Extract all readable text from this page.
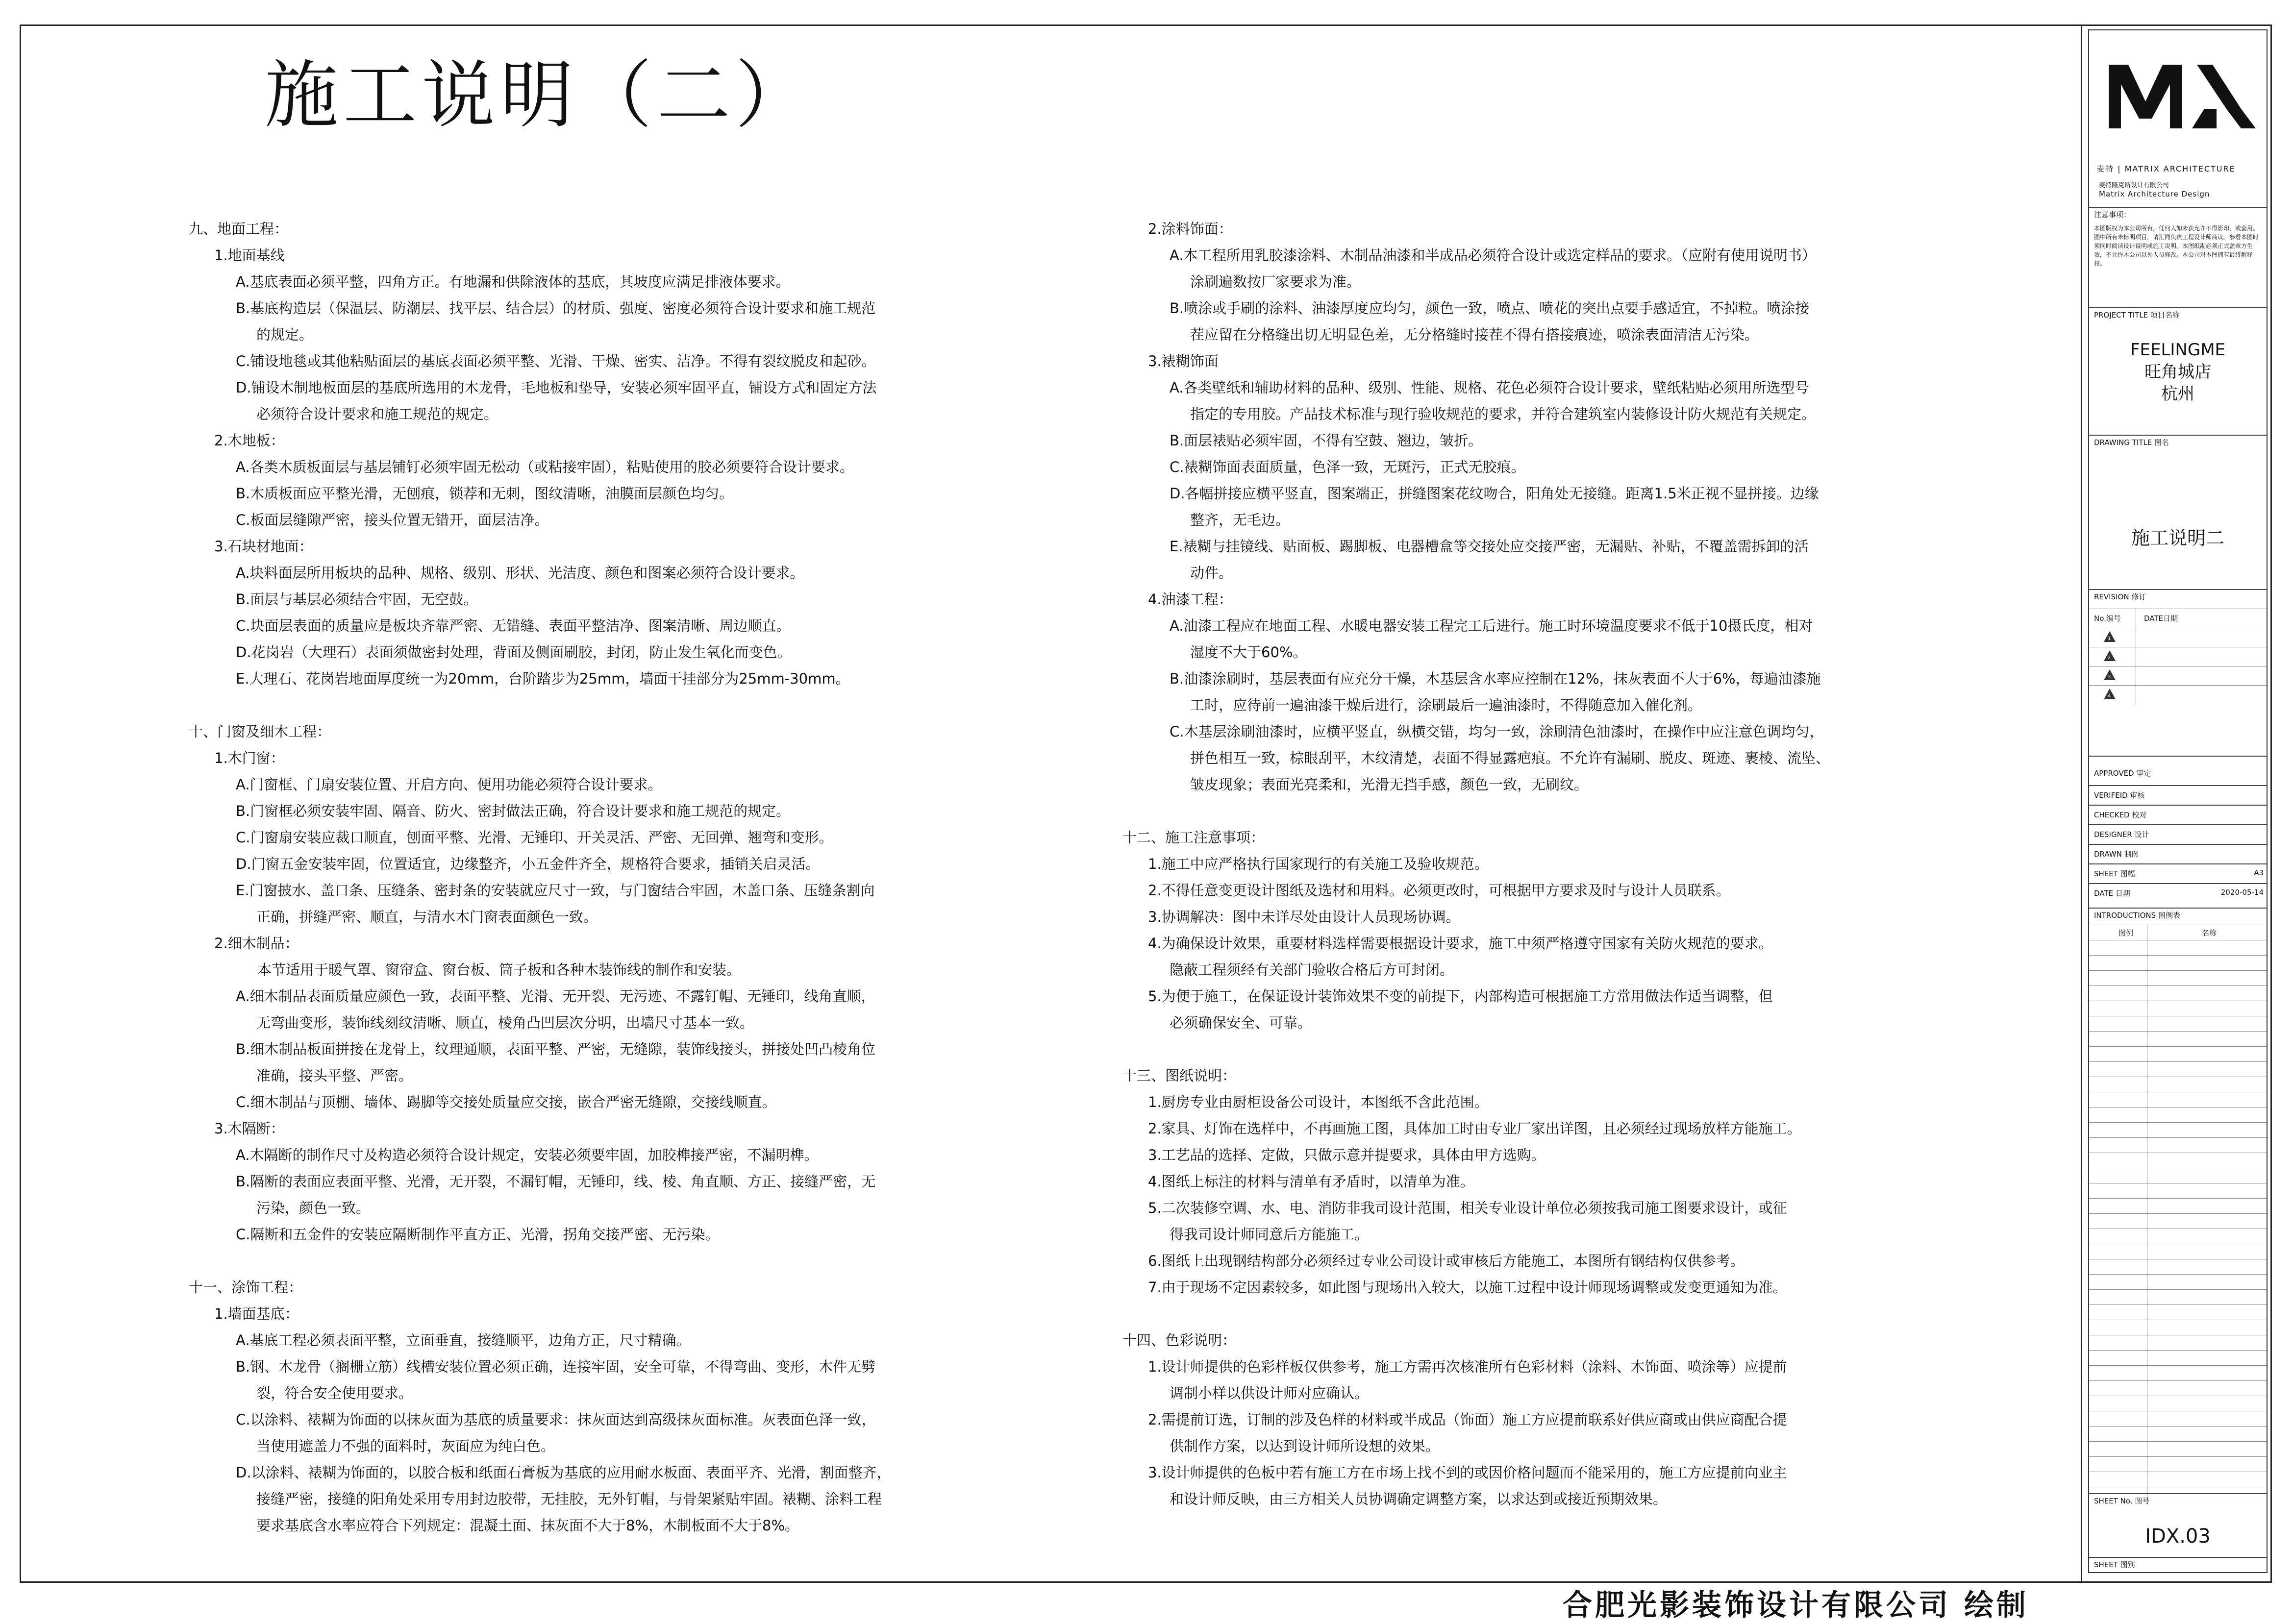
施工说明（二）

九、地面工程：

1.地面基线

A.基底表面必须平整，四角方正。有地漏和供除液体的基底，其坡度应满足排液体要求。

B.基底构造层（保温层、防潮层、找平层、结合层）的材质、强度、密度必须符合设计要求和施工规范

的规定。

C.铺设地毯或其他粘贴面层的基底表面必须平整、光滑、干燥、密实、洁净。不得有裂纹脱皮和起砂。

D.铺设木制地板面层的基底所选用的木龙骨，毛地板和垫导，安装必须牢固平直，铺设方式和固定方法

必须符合设计要求和施工规范的规定。

2.木地板：

A.各类木质板面层与基层铺钉必须牢固无松动（或粘接牢固），粘贴使用的胶必须要符合设计要求。

B.木质板面应平整光滑，无刨痕，锁荐和无刺，图纹清晰，油膜面层颜色均匀。

C.板面层缝隙严密，接头位置无错开，面层洁净。

3.石块材地面：

A.块料面层所用板块的品种、规格、级别、形状、光洁度、颜色和图案必须符合设计要求。

B.面层与基层必须结合牢固，无空鼓。

C.块面层表面的质量应是板块齐靠严密、无错缝、表面平整洁净、图案清晰、周边顺直。

D.花岗岩（大理石）表面须做密封处理，背面及侧面刷胶，封闭，防止发生氧化而变色。

E.大理石、花岗岩地面厚度统一为20mm，台阶踏步为25mm，墙面干挂部分为25mm-30mm。

十、门窗及细木工程：

1.木门窗：

A.门窗框、门扇安装位置、开启方向、便用功能必须符合设计要求。

B.门窗框必须安装牢固、隔音、防火、密封做法正确，符合设计要求和施工规范的规定。

C.门窗扇安装应裁口顺直，刨面平整、光滑、无锤印、开关灵活、严密、无回弹、翘弯和变形。

D.门窗五金安装牢固，位置适宜，边缘整齐，小五金件齐全，规格符合要求，插销关启灵活。

E.门窗披水、盖口条、压缝条、密封条的安装就应尺寸一致，与门窗结合牢固，木盖口条、压缝条割向

正确，拼缝严密、顺直，与清水木门窗表面颜色一致。

2.细木制品：

本节适用于暖气罩、窗帘盒、窗台板、筒子板和各种木装饰线的制作和安装。

A.细木制品表面质量应颜色一致，表面平整、光滑、无开裂、无污迹、不露钉帽、无锤印，线角直顺，

无弯曲变形，装饰线刻纹清晰、顺直，棱角凸凹层次分明，出墙尺寸基本一致。

B.细木制品板面拼接在龙骨上，纹理通顺，表面平整、严密，无缝隙，装饰线接头，拼接处凹凸棱角位

准确，接头平整、严密。

C.细木制品与顶棚、墙体、踢脚等交接处质量应交接，嵌合严密无缝隙，交接线顺直。

3.木隔断：

A.木隔断的制作尺寸及构造必须符合设计规定，安装必须要牢固，加胶榫接严密，不漏明榫。

B.隔断的表面应表面平整、光滑，无开裂，不漏钉帽，无锤印，线、棱、角直顺、方正、接缝严密，无

污染，颜色一致。

C.隔断和五金件的安装应隔断制作平直方正、光滑，拐角交接严密、无污染。

十一、涂饰工程：

1.墙面基底：

A.基底工程必须表面平整，立面垂直，接缝顺平，边角方正，尺寸精确。

B.钢、木龙骨（搁栅立筋）线槽安装位置必须正确，连接牢固，安全可靠，不得弯曲、变形，木件无劈

裂，符合安全使用要求。

C.以涂料、裱糊为饰面的以抹灰面为基底的质量要求：抹灰面达到高级抹灰面标准。灰表面色泽一致，

当使用遮盖力不强的面料时，灰面应为纯白色。

D.以涂料、裱糊为饰面的，以胶合板和纸面石膏板为基底的应用耐水板面、表面平齐、光滑，割面整齐，

接缝严密，接缝的阳角处采用专用封边胶带，无挂胶，无外钉帽，与骨架紧贴牢固。裱糊、涂料工程

要求基底含水率应符合下列规定：混凝土面、抹灰面不大于8%，木制板面不大于8%。

2.涂料饰面：

A.本工程所用乳胶漆涂料、木制品油漆和半成品必须符合设计或选定样品的要求。（应附有使用说明书）

涂刷遍数按厂家要求为准。

B.喷涂或手刷的涂料、油漆厚度应均匀，颜色一致，喷点、喷花的突出点要手感适宜，不掉粒。喷涂接

茬应留在分格缝出切无明显色差，无分格缝时接茬不得有搭接痕迹，喷涂表面清洁无污染。

3.裱糊饰面

A.各类壁纸和辅助材料的品种、级别、性能、规格、花色必须符合设计要求，壁纸粘贴必须用所选型号

指定的专用胶。产品技术标准与现行验收规范的要求，并符合建筑室内装修设计防火规范有关规定。

B.面层裱贴必须牢固，不得有空鼓、翘边，皱折。

C.裱糊饰面表面质量，色泽一致，无斑污，正式无胶痕。

D.各幅拼接应横平竖直，图案端正，拼缝图案花纹吻合，阳角处无接缝。距离1.5米正视不显拼接。边缘

整齐，无毛边。

E.裱糊与挂镜线、贴面板、踢脚板、电器槽盒等交接处应交接严密，无漏贴、补贴，不覆盖需拆卸的活

动件。

4.油漆工程：

A.油漆工程应在地面工程、水暖电器安装工程完工后进行。施工时环境温度要求不低于10摄氏度，相对

湿度不大于60%。

B.油漆涂刷时，基层表面有应充分干燥，木基层含水率应控制在12%，抹灰表面不大于6%，每遍油漆施

工时，应待前一遍油漆干燥后进行，涂刷最后一遍油漆时，不得随意加入催化剂。

C.木基层涂刷油漆时，应横平竖直，纵横交错，均匀一致，涂刷清色油漆时，在操作中应注意色调均匀，

拼色相互一致，棕眼刮平，木纹清楚，表面不得显露疤痕。不允许有漏刷、脱皮、斑迹、裹棱、流坠、

皱皮现象；表面光亮柔和，光滑无挡手感，颜色一致，无刷纹。

十二、施工注意事项：

1.施工中应严格执行国家现行的有关施工及验收规范。

2.不得任意变更设计图纸及选材和用料。必须更改时，可根据甲方要求及时与设计人员联系。

3.协调解决：图中未详尽处由设计人员现场协调。

4.为确保设计效果，重要材料选样需要根据设计要求，施工中须严格遵守国家有关防火规范的要求。

隐蔽工程须经有关部门验收合格后方可封闭。

5.为便于施工，在保证设计装饰效果不变的前提下，内部构造可根据施工方常用做法作适当调整，但

必须确保安全、可靠。

十三、图纸说明：

1.厨房专业由厨柜设备公司设计，本图纸不含此范围。

2.家具、灯饰在选样中，不再画施工图，具体加工时由专业厂家出详图，且必须经过现场放样方能施工。

3.工艺品的选择、定做，只做示意并提要求，具体由甲方选购。

4.图纸上标注的材料与清单有矛盾时，以清单为准。

5.二次装修空调、水、电、消防非我司设计范围，相关专业设计单位必须按我司施工图要求设计，或征

得我司设计师同意后方能施工。

6.图纸上出现钢结构部分必须经过专业公司设计或审核后方能施工，本图所有钢结构仅供参考。

7.由于现场不定因素较多，如此图与现场出入较大，以施工过程中设计师现场调整或发变更通知为准。

十四、色彩说明：

1.设计师提供的色彩样板仅供参考，施工方需再次核准所有色彩材料（涂料、木饰面、喷涂等）应提前

调制小样以供设计师对应确认。

2.需提前订选，订制的涉及色样的材料或半成品（饰面）施工方应提前联系好供应商或由供应商配合提

供制作方案，以达到设计师所设想的效果。

3.设计师提供的色板中若有施工方在市场上找不到的或因价格问题而不能采用的，施工方应提前向业主

和设计师反映，由三方相关人员协调确定调整方案，以求达到或接近预期效果。

合肥光影装饰设计有限公司 绘制
麦特 | MATRIX ARCHITECTURE
麦特隆克斯设计有限公司
Matrix Architecture Design
注意事项：
本图版权为本公司所有，任何人如未获允许不得影印、或套用。图中所有未标明项目，请汇同负责工程设计师商议。参看本图时须同时阅读设计说明或施工说明。本图纸勘必须正式盖章方生效，不允许本公司以外人员修改。本公司对本图拥有最终解释权。
PROJECT TITLE 项目名称
FEELINGME
旺角城店
杭州
DRAWING TITLE 图名
施工说明二
REVISION 修订
No.编号	DATE日期
1
2
3
4
APPROVED 审定
VERIFEID 审核
CHECKED 校对
DESIGNER 设计
DRAWN 制图
SHEET 图幅	A3
DATE 日期	2020-05-14
INTRODUCTIONS 图例表
图例	名称
SHEET No. 图号
IDX.03
SHEET 图别
